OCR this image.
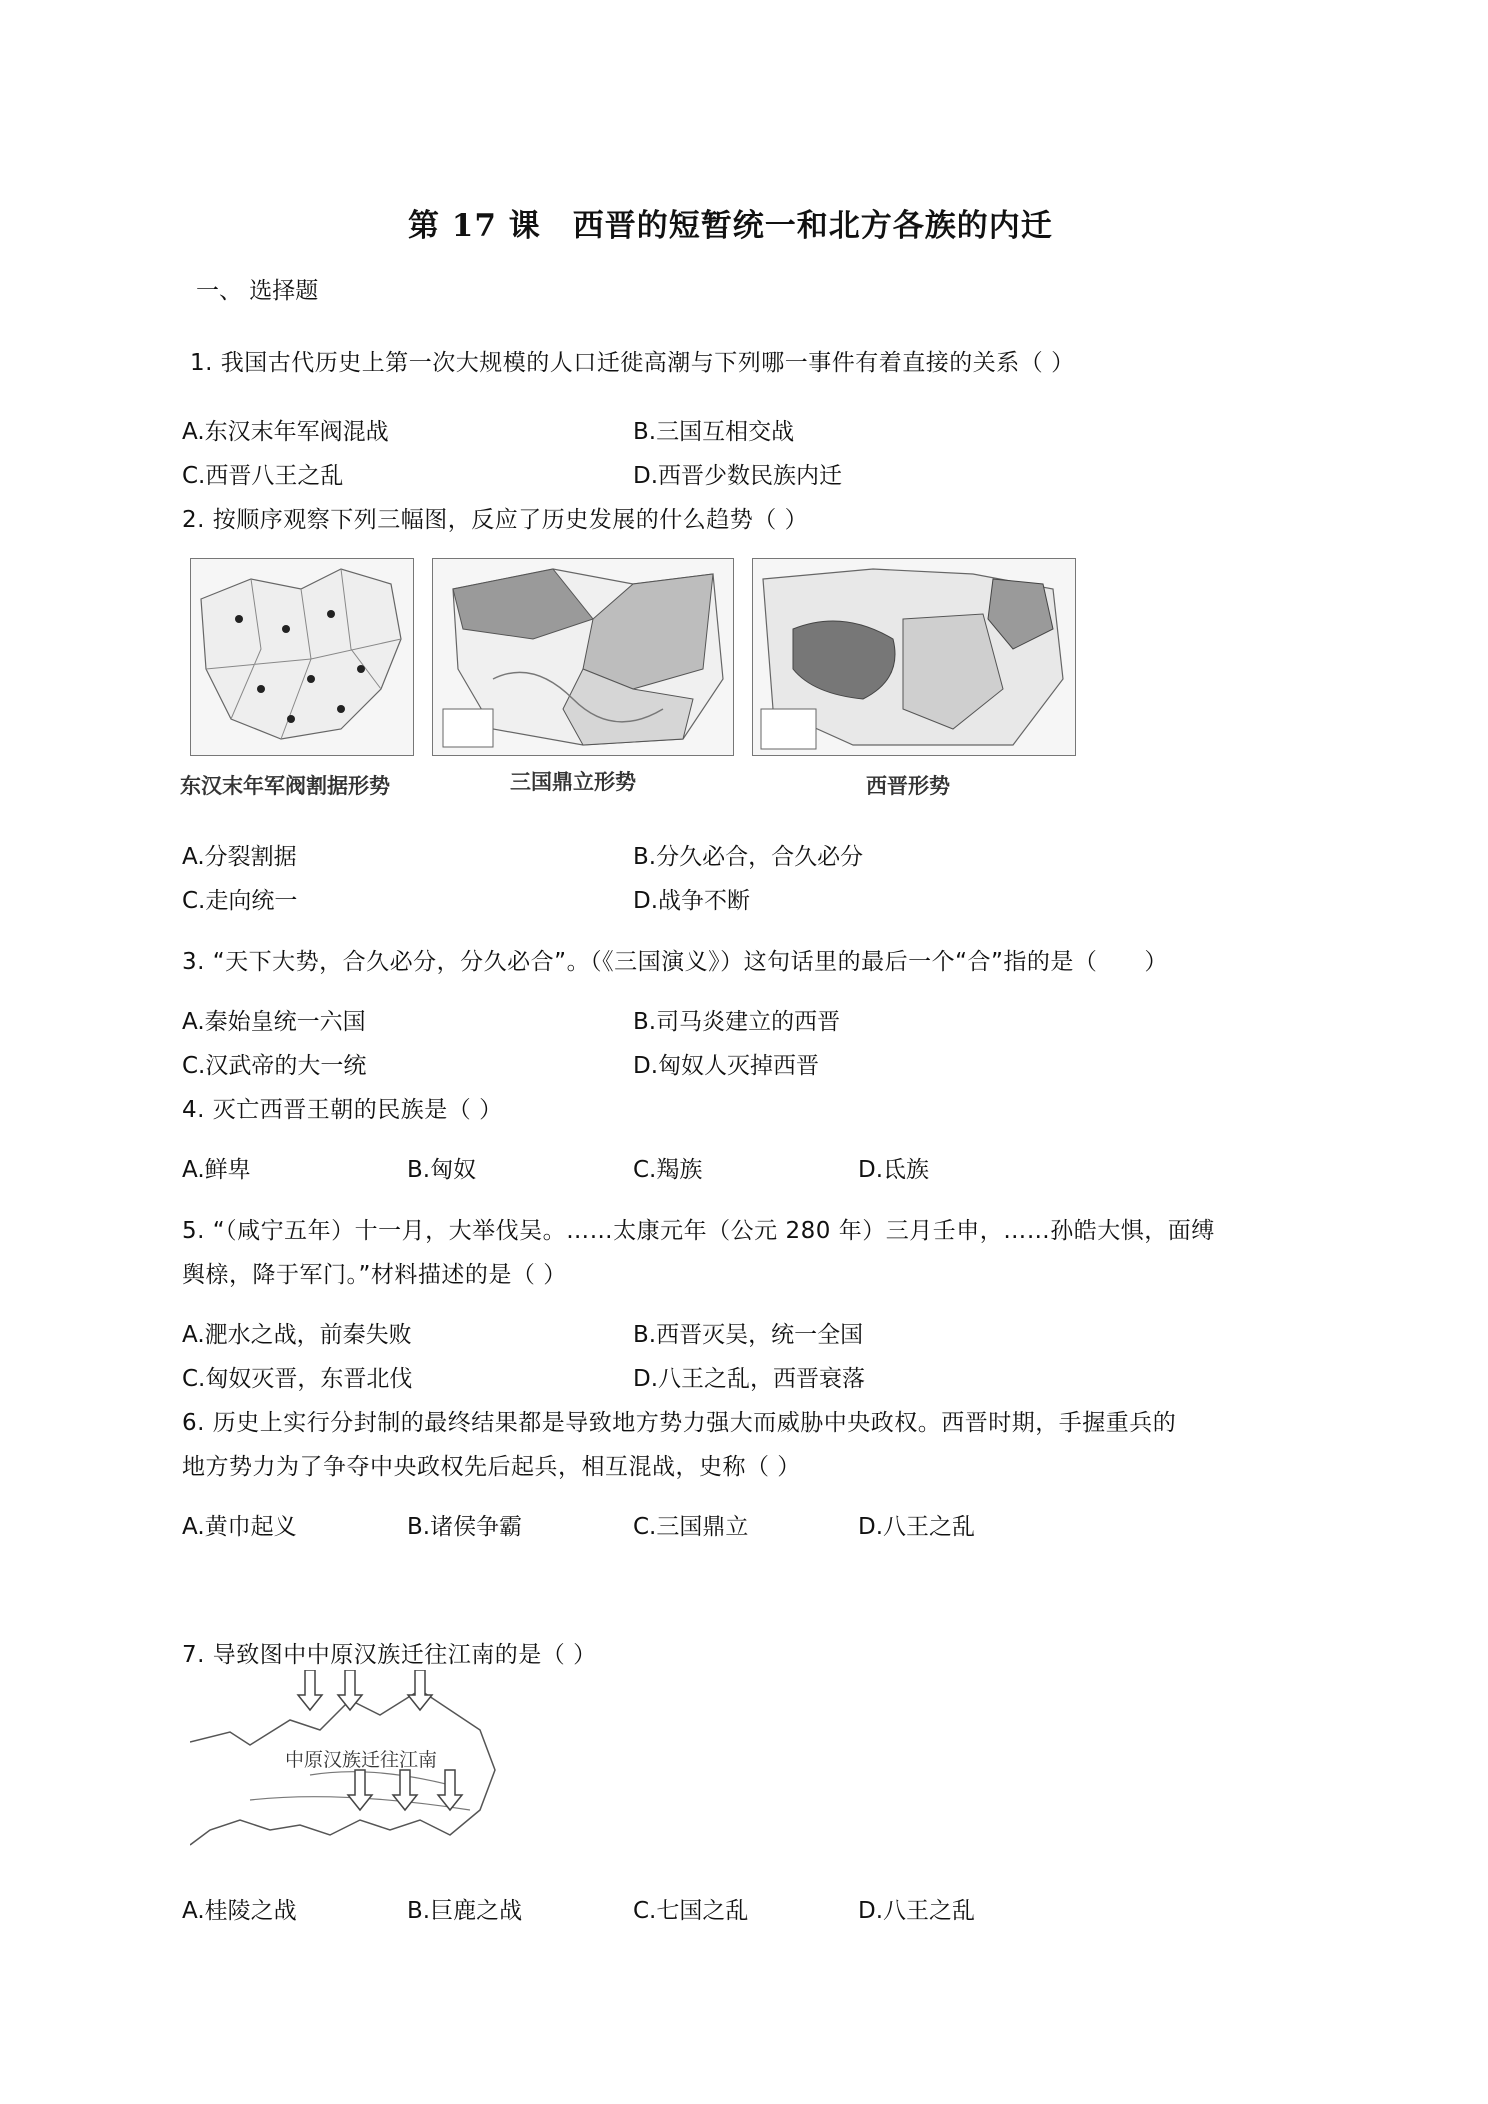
第 17 课　西晋的短暂统一和北方各族的内迁
一、 选择题
1. 我国古代历史上第一次大规模的人口迁徙高潮与下列哪一事件有着直接的关系（ ）
A.东汉末年军阀混战	B.三国互相交战
C.西晋八王之乱	D.西晋少数民族内迁
2. 按顺序观察下列三幅图，反应了历史发展的什么趋势（ ）
东汉末年军阀割据形势	三国鼎立形势	西晋形势
A.分裂割据	B.分久必合，合久必分
C.走向统一	D.战争不断
3. “天下大势，合久必分，分久必合”。（《三国演义》）这句话里的最后一个“合”指的是（　　）
A.秦始皇统一六国	B.司马炎建立的西晋
C.汉武帝的大一统	D.匈奴人灭掉西晋
4. 灭亡西晋王朝的民族是（ ）
A.鲜卑	B.匈奴	C.羯族	D.氐族
5. “（咸宁五年）十一月，大举伐吴。……太康元年（公元 280 年）三月壬申，……孙皓大惧，面缚
舆榇，降于军门。”材料描述的是（ ）
A.淝水之战，前秦失败	B.西晋灭吴，统一全国
C.匈奴灭晋，东晋北伐	D.八王之乱，西晋衰落
6. 历史上实行分封制的最终结果都是导致地方势力强大而威胁中央政权。西晋时期，手握重兵的
地方势力为了争夺中央政权先后起兵，相互混战，史称（ ）
A.黄巾起义	B.诸侯争霸	C.三国鼎立	D.八王之乱
7. 导致图中中原汉族迁往江南的是（ ）
中原汉族迁往江南
A.桂陵之战	B.巨鹿之战	C.七国之乱	D.八王之乱
